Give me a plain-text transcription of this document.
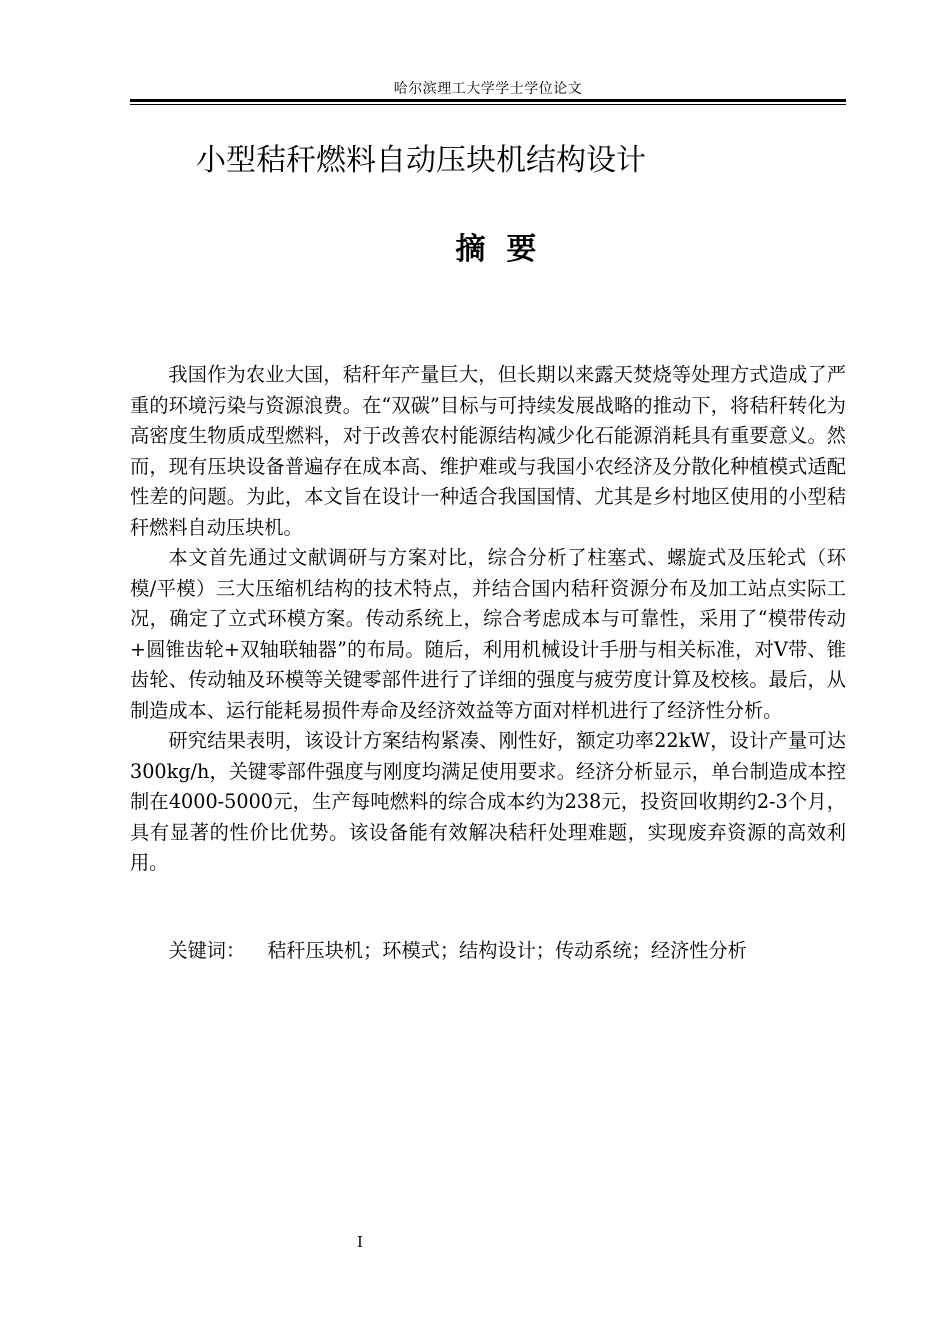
哈尔滨理工大学学士学位论文
小型秸秆燃料自动压块机结构设计
摘  要

我国作为农业大国，秸秆年产量巨大，但长期以来露天焚烧等处理方式造成了严重的环境污染与资源浪费。在“双碳”目标与可持续发展战略的推动下，将秸秆转化为高密度生物质成型燃料，对于改善农村能源结构减少化石能源消耗具有重要意义。然而，现有压块设备普遍存在成本高、维护难或与我国小农经济及分散化种植模式适配性差的问题。为此，本文旨在设计一种适合我国国情、尤其是乡村地区使用的小型秸秆燃料自动压块机。

本文首先通过文献调研与方案对比，综合分析了柱塞式、螺旋式及压轮式（环模/平模）三大压缩机结构的技术特点，并结合国内秸秆资源分布及加工站点实际工况，确定了立式环模方案。传动系统上，综合考虑成本与可靠性，采用了“模带传动+圆锥齿轮+双轴联轴器”的布局。随后，利用机械设计手册与相关标准，对V带、锥齿轮、传动轴及环模等关键零部件进行了详细的强度与疲劳度计算及校核。最后，从制造成本、运行能耗易损件寿命及经济效益等方面对样机进行了经济性分析。

研究结果表明，该设计方案结构紧凑、刚性好，额定功率22kW，设计产量可达300kg/h，关键零部件强度与刚度均满足使用要求。经济分析显示，单台制造成本控制在4000-5000元，生产每吨燃料的综合成本约为238元，投资回收期约2-3个月，具有显著的性价比优势。该设备能有效解决秸秆处理难题，实现废弃资源的高效利用。

关键词： 秸秆压块机；环模式；结构设计；传动系统；经济性分析
I
